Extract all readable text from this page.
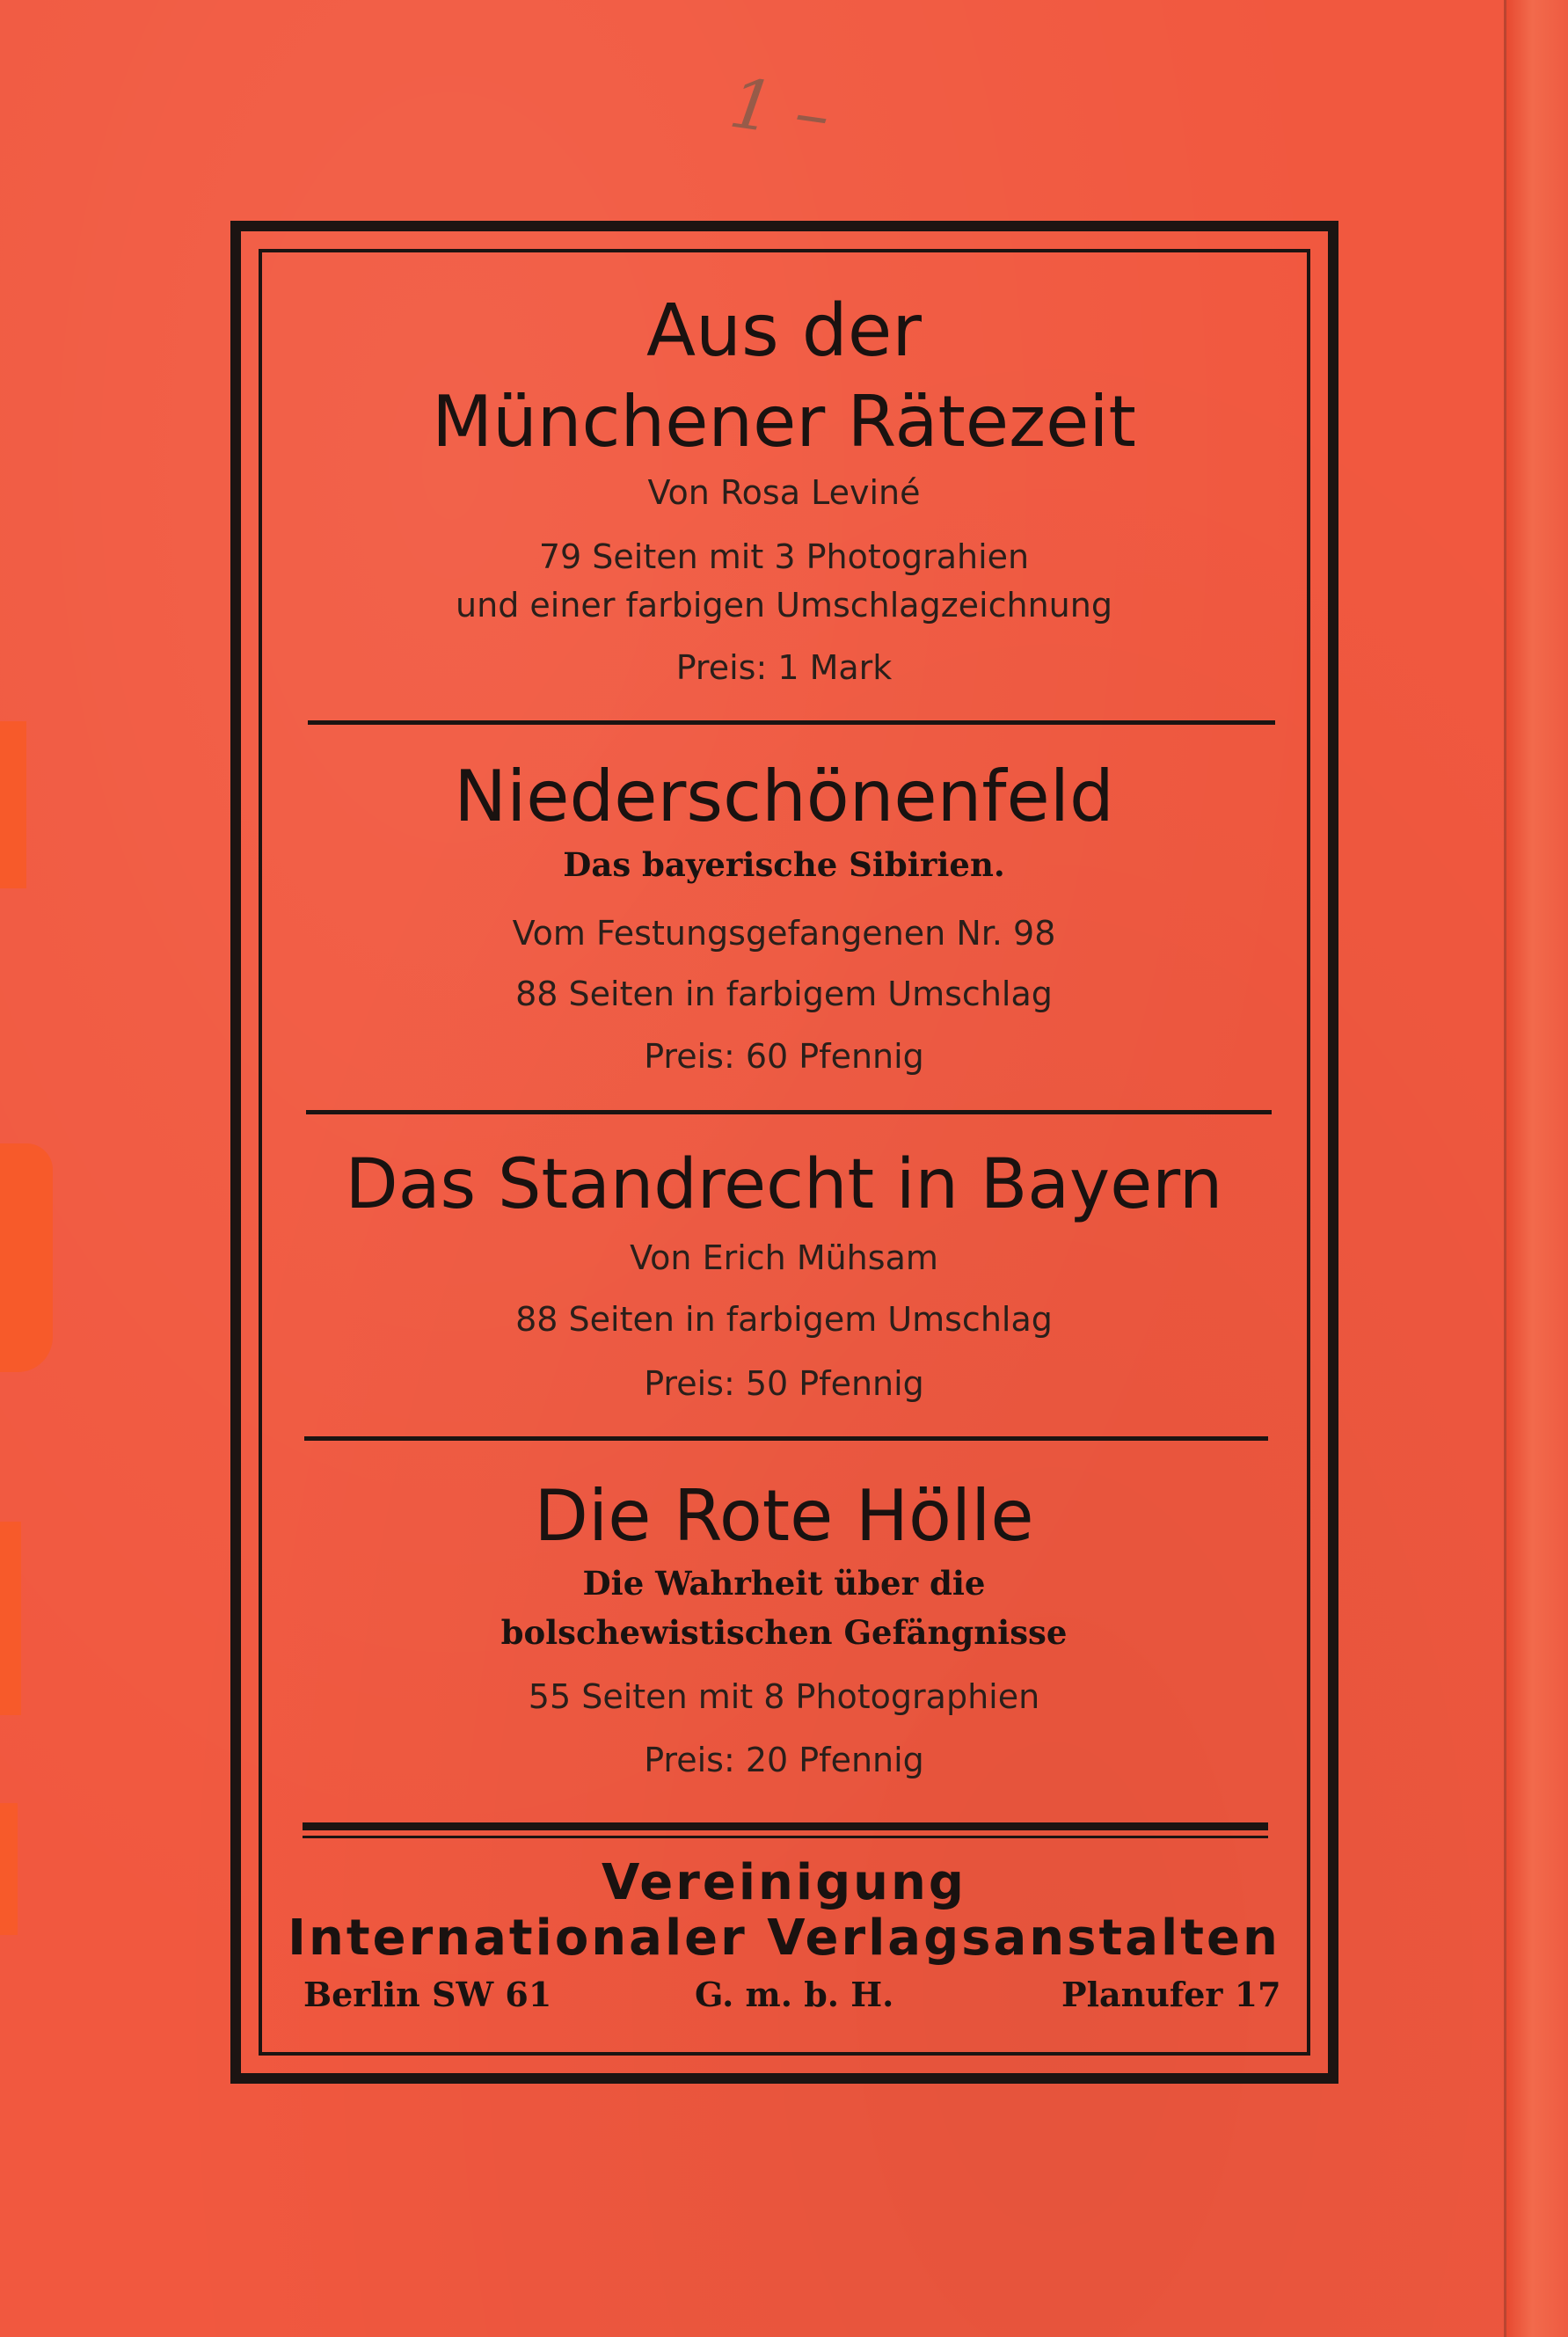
1 –
Aus der
Münchener Rätezeit
Von Rosa Leviné
79 Seiten mit 3 Photograhien
und einer farbigen Umschlagzeichnung
Preis: 1 Mark
Niederschönenfeld
Das bayerische Sibirien.
Vom Festungsgefangenen Nr. 98
88 Seiten in farbigem Umschlag
Preis: 60 Pfennig
Das Standrecht in Bayern
Von Erich Mühsam
88 Seiten in farbigem Umschlag
Preis: 50 Pfennig
Die Rote Hölle
Die Wahrheit über die
bolschewistischen Gefängnisse
55 Seiten mit 8 Photographien
Preis: 20 Pfennig
Vereinigung
Internationaler Verlagsanstalten
Berlin SW 61	G. m. b. H.	Planufer 17
